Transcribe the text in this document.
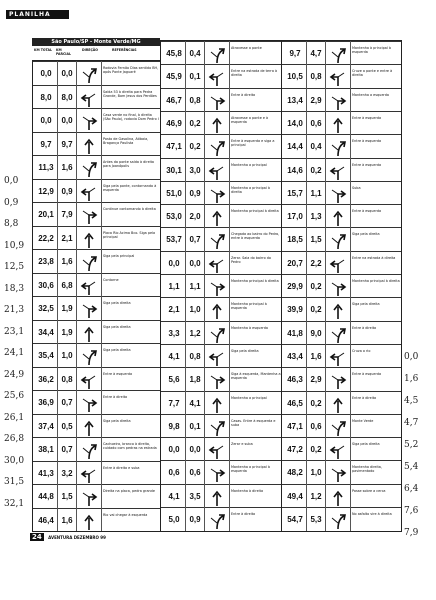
PLANILHA
São Paulo/SP - Monte Verde/MG
KM TOTAL	KM PARCIAL
DIREÇÃO	REFERÊNCIAS
0,0	0,0
Rodovia Fernão Dias sentido BH, após Ponte Jaguaré
8,0	8,0
Saída 53 à direita para Pedra Grande, Bom Jesus dos Perdões
0,0	0,0
Casa verde no final, à direita (São Paulo), rodovia Dom Pedro I
9,7	9,7
Posto de Gasolina, Atibaia, Bragança Paulista
11,3 1,6
Antes da ponte saída à direita para Joanópolis
12,9 0,9
Siga pela ponte, contornando à esquerda
20,1 7,9
Continue contornando à direita
22,2 2,1
Placa Rio Acima Bco. Siga pela principal
23,8 1,6
Siga pela principal
30,6 6,8
Contorne
32,5 1,9
Siga pela direita
34,4 1,9
Siga pela direita
35,4 1,0
Siga pela direita
36,2 0,8
Entre à esquerda
36,9 0,7
Entre à direita
37,4 0,5
Siga pela direita
38,1 0,7
Cachoeira, branco à direita, cuidado com pedras na estrada
41,3 3,2
Entre à direita e suba
44,8 1,5
Direita na placa, pedra grande
46,4 1,6
Rio vai chegar à esquerda
45,8 0,4
Atravesse a ponte
45,9 0,1
Entre na estrada de terra à direita
46,7 0,8
Entre à direita
46,9 0,2
Atravesse a ponte e à esquerda
47,1 0,2
Entre à esquerda e siga a principal
30,1 3,0
Mantenha a principal
51,0 0,9
Mantenha a principal à direita
53,0 2,0
Mantenha principal à direita
53,7 0,7
Chegada ao bairro do Pedro, entre à esquerda
0,0	0,0
Zerar. Saia do bairro do Pedro
1,1	1,1
Mantenha principal à direita
2,1	1,0
Mantenha principal à esquerda
3,3	1,2
Mantenha à esquerda
4,1	0,8
Siga pela direita
5,6	1,8
Siga à esquerda, Mantenha a esquerda
7,7	4,1
Mantenha a principal
9,8	0,1
Casas. Entre à esquerda e suba
0,0	0,0
Zerar e suba
0,6	0,6
Mantenha a principal à esquerda
4,1	3,5
Mantenha à direita
5,0	0,9
Entre à direita
9,7	4,7
Mantenha à principal à esquerda
10,5 0,8
Cruze a ponte e entre à direita
13,4 2,9
Mantenha a esquerda
14,0 0,6
Entre à esquerda
14,4 0,4
Entre à esquerda
14,6 0,2
Entre à esquerda
15,7 1,1
Suba
17,0 1,3
Entre à esquerda
18,5 1,5
Siga pela direita
20,7 2,2
Entre na estrada à direita
29,9 0,2
Mantenha principal à direita
39,9 0,2
Siga pela direita
41,8 9,0
Entre à direita
43,4 1,6
Cruza o rio
46,3 2,9
Entre à esquerda
46,5 0,2
Entre à direita
47,1 0,6
Monte Verde
47,2 0,2
Siga pela direita
48,2 1,0
Mantenha direita, pavimentado
49,4 1,2
Passe sobre a cerca
54,7 5,3
No asfalto vire à direita
0,0
0,9
8,8
10,9
12,5
18,3
21,3
23,1
24,1
24,9
25,6
26,1
26,8
30,0
31,5
32,1
0,0
1,6
4,5
4,7
5,2
5,4
6,4
7,6
7,9
24 AVENTURA DEZEMBRO 99
